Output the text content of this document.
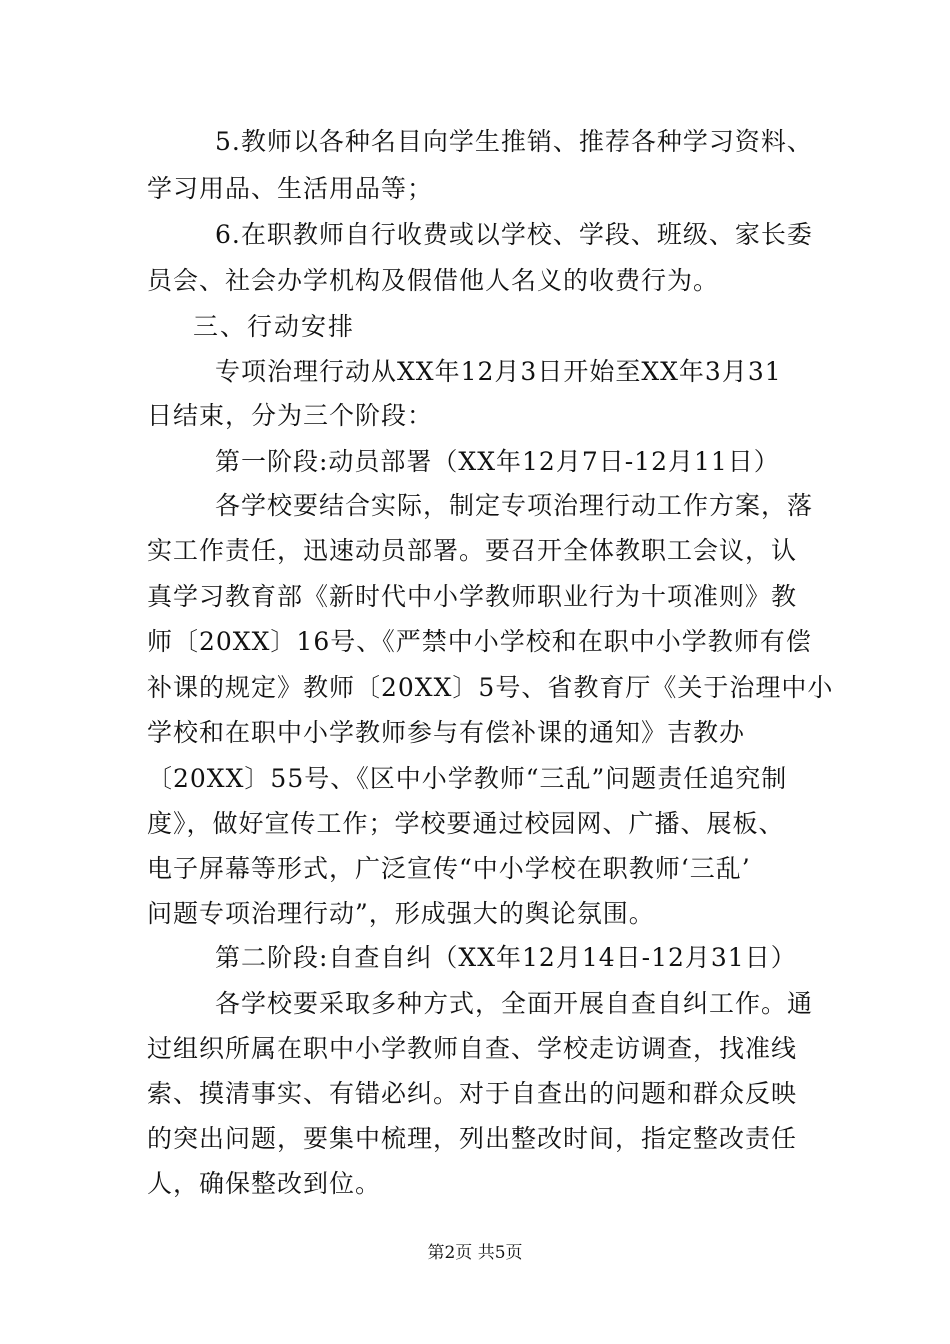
5.教师以各种名目向学生推销、推荐各种学习资料、
学习用品、生活用品等；
6.在职教师自行收费或以学校、学段、班级、家长委
员会、社会办学机构及假借他人名义的收费行为。
三、行动安排
专项治理行动从XX年12月3日开始至XX年3月31
日结束，分为三个阶段：
第一阶段:动员部署（XX年12月7日-12月11日）
各学校要结合实际，制定专项治理行动工作方案，落
实工作责任，迅速动员部署。要召开全体教职工会议，认
真学习教育部《新时代中小学教师职业行为十项准则》教
师〔20XX〕16号、《严禁中小学校和在职中小学教师有偿
补课的规定》教师〔20XX〕5号、省教育厅《关于治理中小
学校和在职中小学教师参与有偿补课的通知》吉教办
〔20XX〕55号、《区中小学教师“三乱”问题责任追究制
度》，做好宣传工作；学校要通过校园网、广播、展板、
电子屏幕等形式，广泛宣传“中小学校在职教师‘三乱’
问题专项治理行动”，形成强大的舆论氛围。
第二阶段:自查自纠（XX年12月14日-12月31日）
各学校要采取多种方式，全面开展自查自纠工作。通
过组织所属在职中小学教师自查、学校走访调查，找准线
索、摸清事实、有错必纠。对于自查出的问题和群众反映
的突出问题，要集中梳理，列出整改时间，指定整改责任
人，确保整改到位。
第2页 共5页
